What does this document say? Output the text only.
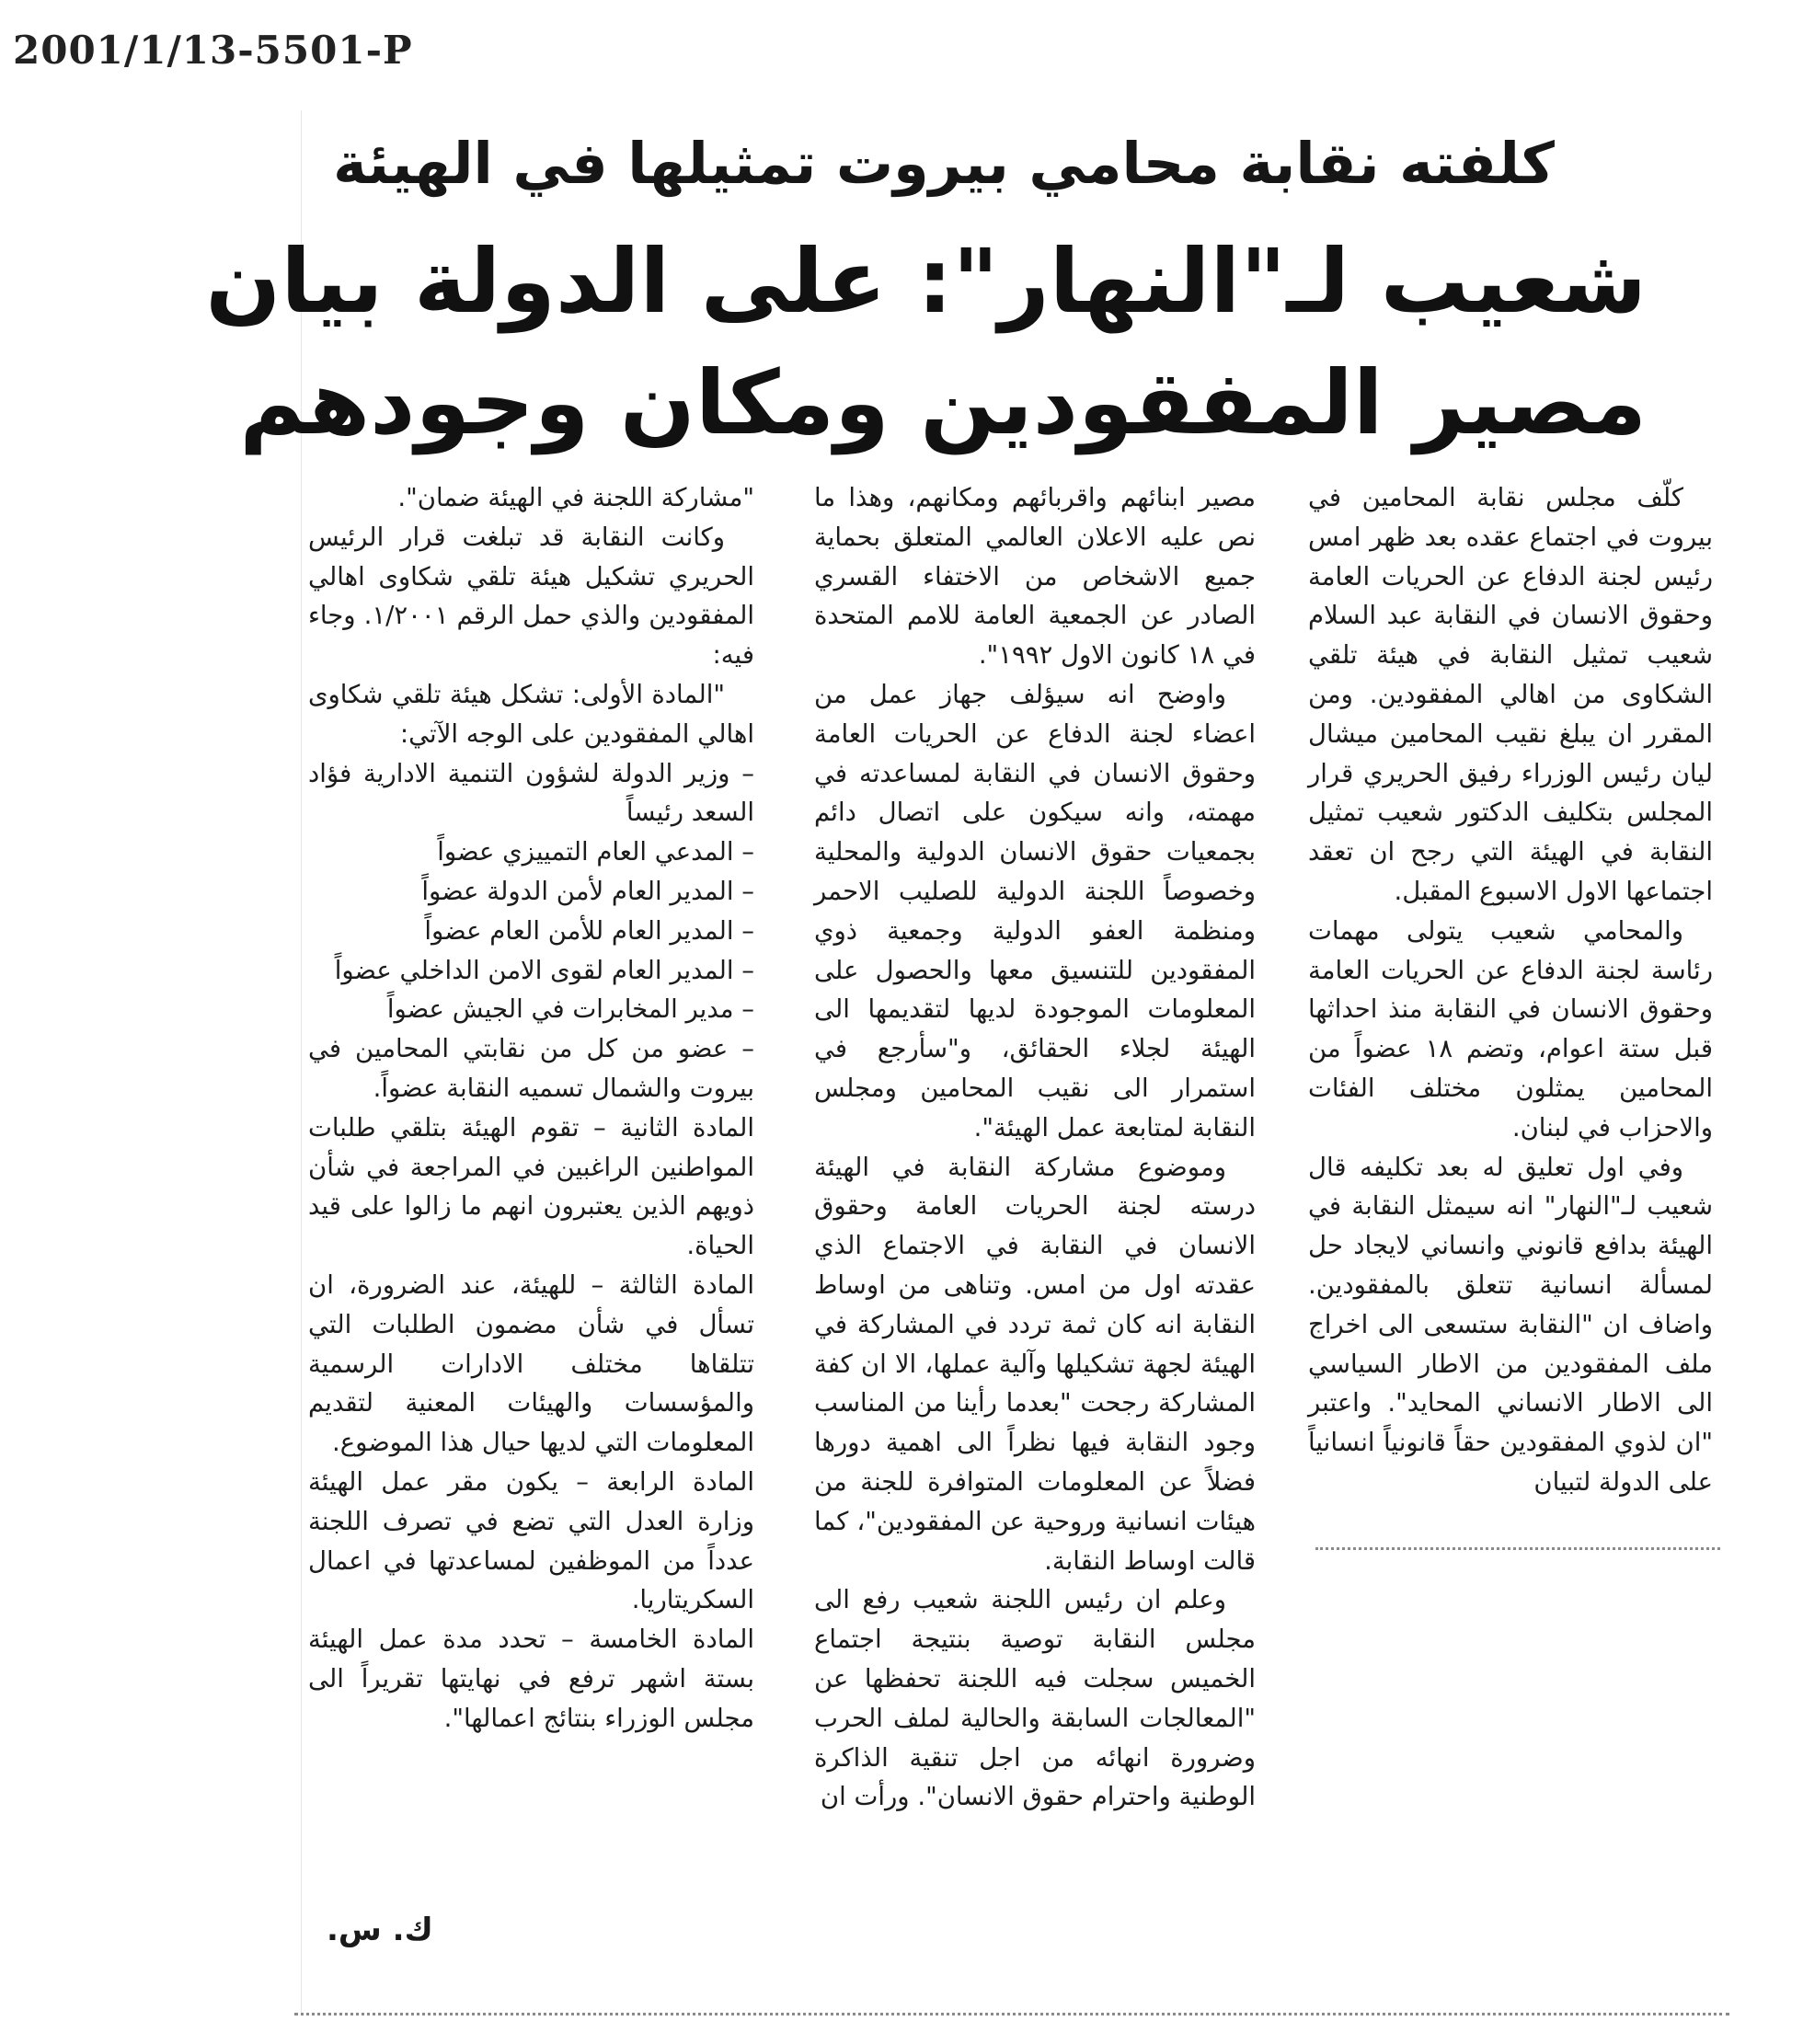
2001/1/13-5501-P
كلفته نقابة محامي بيروت تمثيلها في الهيئة
شعيب لـ"النهار": على الدولة بيان
مصير المفقودين ومكان وجودهم

كلّف مجلس نقابة المحامين في بيروت في اجتماع عقده بعد ظهر امس رئيس لجنة الدفاع عن الحريات العامة وحقوق الانسان في النقابة عبد السلام شعيب تمثيل النقابة في هيئة تلقي الشكاوى من اهالي المفقودين. ومن المقرر ان يبلغ نقيب المحامين ميشال ليان رئيس الوزراء رفيق الحريري قرار المجلس بتكليف الدكتور شعيب تمثيل النقابة في الهيئة التي رجح ان تعقد اجتماعها الاول الاسبوع المقبل.

والمحامي شعيب يتولى مهمات رئاسة لجنة الدفاع عن الحريات العامة وحقوق الانسان في النقابة منذ احداثها قبل ستة اعوام، وتضم ١٨ عضواً من المحامين يمثلون مختلف الفئات والاحزاب في لبنان.

وفي اول تعليق له بعد تكليفه قال شعيب لـ"النهار" انه سيمثل النقابة في الهيئة بدافع قانوني وانساني لايجاد حل لمسألة انسانية تتعلق بالمفقودين. واضاف ان "النقابة ستسعى الى اخراج ملف المفقودين من الاطار السياسي الى الاطار الانساني المحايد". واعتبر "ان لذوي المفقودين حقاً قانونياً انسانياً على الدولة لتبيان

مصير ابنائهم واقربائهم ومكانهم، وهذا ما نص عليه الاعلان العالمي المتعلق بحماية جميع الاشخاص من الاختفاء القسري الصادر عن الجمعية العامة للامم المتحدة في ١٨ كانون الاول ١٩٩٢".

واوضح انه سيؤلف جهاز عمل من اعضاء لجنة الدفاع عن الحريات العامة وحقوق الانسان في النقابة لمساعدته في مهمته، وانه سيكون على اتصال دائم بجمعيات حقوق الانسان الدولية والمحلية وخصوصاً اللجنة الدولية للصليب الاحمر ومنظمة العفو الدولية وجمعية ذوي المفقودين للتنسيق معها والحصول على المعلومات الموجودة لديها لتقديمها الى الهيئة لجلاء الحقائق، و"سأرجع في استمرار الى نقيب المحامين ومجلس النقابة لمتابعة عمل الهيئة".

وموضوع مشاركة النقابة في الهيئة درسته لجنة الحريات العامة وحقوق الانسان في النقابة في الاجتماع الذي عقدته اول من امس. وتناهى من اوساط النقابة انه كان ثمة تردد في المشاركة في الهيئة لجهة تشكيلها وآلية عملها، الا ان كفة المشاركة رجحت "بعدما رأينا من المناسب وجود النقابة فيها نظراً الى اهمية دورها فضلاً عن المعلومات المتوافرة للجنة من هيئات انسانية وروحية عن المفقودين"، كما قالت اوساط النقابة.

وعلم ان رئيس اللجنة شعيب رفع الى مجلس النقابة توصية بنتيجة اجتماع الخميس سجلت فيه اللجنة تحفظها عن "المعالجات السابقة والحالية لملف الحرب وضرورة انهائه من اجل تنقية الذاكرة الوطنية واحترام حقوق الانسان". ورأت ان

"مشاركة اللجنة في الهيئة ضمان".

وكانت النقابة قد تبلغت قرار الرئيس الحريري تشكيل هيئة تلقي شكاوى اهالي المفقودين والذي حمل الرقم ١/٢٠٠١. وجاء فيه:

"المادة الأولى: تشكل هيئة تلقي شكاوى اهالي المفقودين على الوجه الآتي:

– وزير الدولة لشؤون التنمية الادارية فؤاد السعد رئيساً
– المدعي العام التمييزي عضواً
– المدير العام لأمن الدولة عضواً
– المدير العام للأمن العام عضواً
– المدير العام لقوى الامن الداخلي عضواً
– مدير المخابرات في الجيش عضواً
– عضو من كل من نقابتي المحامين في بيروت والشمال تسميه النقابة عضواً.

المادة الثانية – تقوم الهيئة بتلقي طلبات المواطنين الراغبين في المراجعة في شأن ذويهم الذين يعتبرون انهم ما زالوا على قيد الحياة.

المادة الثالثة – للهيئة، عند الضرورة، ان تسأل في شأن مضمون الطلبات التي تتلقاها مختلف الادارات الرسمية والمؤسسات والهيئات المعنية لتقديم المعلومات التي لديها حيال هذا الموضوع.

المادة الرابعة – يكون مقر عمل الهيئة وزارة العدل التي تضع في تصرف اللجنة عدداً من الموظفين لمساعدتها في اعمال السكريتاريا.

المادة الخامسة – تحدد مدة عمل الهيئة بستة اشهر ترفع في نهايتها تقريراً الى مجلس الوزراء بنتائج اعمالها".

ك. س.
